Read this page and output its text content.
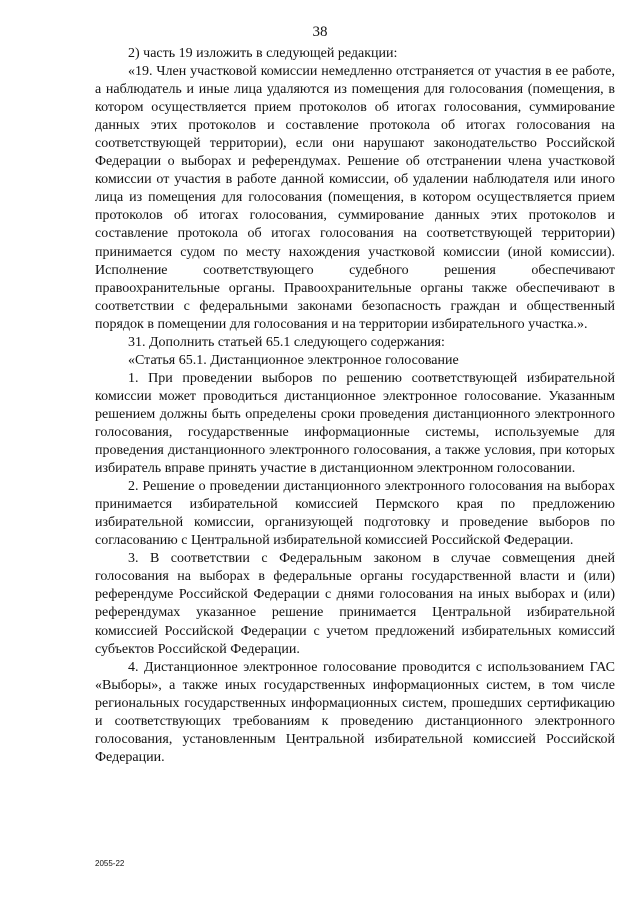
38

2) часть 19 изложить в следующей редакции:

«19. Член участковой комиссии немедленно отстраняется от участия в ее работе, а наблюдатель и иные лица удаляются из помещения для голосования (помещения, в котором осуществляется прием протоколов об итогах голосования, суммирование данных этих протоколов и составление протокола об итогах голосования на соответствующей территории), если они нарушают законодательство Российской Федерации о выборах и референдумах. Решение об отстранении члена участковой комиссии от участия в работе данной комиссии, об удалении наблюдателя или иного лица из помещения для голосования (помещения, в котором осуществляется прием протоколов об итогах голосования, суммирование данных этих протоколов и составление протокола об итогах голосования на соответствующей территории) принимается судом по месту нахождения участковой комиссии (иной комиссии). Исполнение соответствующего судебного решения обеспечивают правоохранительные органы. Правоохранительные органы также обеспечивают в соответствии с федеральными законами безопасность граждан и общественный порядок в помещении для голосования и на территории избирательного участка.».

31. Дополнить статьей 65.1 следующего содержания:

«Статья 65.1. Дистанционное электронное голосование

1. При проведении выборов по решению соответствующей избирательной комиссии может проводиться дистанционное электронное голосование. Указанным решением должны быть определены сроки проведения дистанционного электронного голосования, государственные информационные системы, используемые для проведения дистанционного электронного голосования, а также условия, при которых избиратель вправе принять участие в дистанционном электронном голосовании.

2. Решение о проведении дистанционного электронного голосования на выборах принимается избирательной комиссией Пермского края по предложению избирательной комиссии, организующей подготовку и проведение выборов по согласованию с Центральной избирательной комиссией Российской Федерации.

3. В соответствии с Федеральным законом в случае совмещения дней голосования на выборах в федеральные органы государственной власти и (или) референдуме Российской Федерации с днями голосования на иных выборах и (или) референдумах указанное решение принимается Центральной избирательной комиссией Российской Федерации с учетом предложений избирательных комиссий субъектов Российской Федерации.

4. Дистанционное электронное голосование проводится с использованием ГАС «Выборы», а также иных государственных информационных систем, в том числе региональных государственных информационных систем, прошедших сертификацию и соответствующих требованиям к проведению дистанционного электронного голосования, установленным Центральной избирательной комиссией Российской Федерации.

2055-22
